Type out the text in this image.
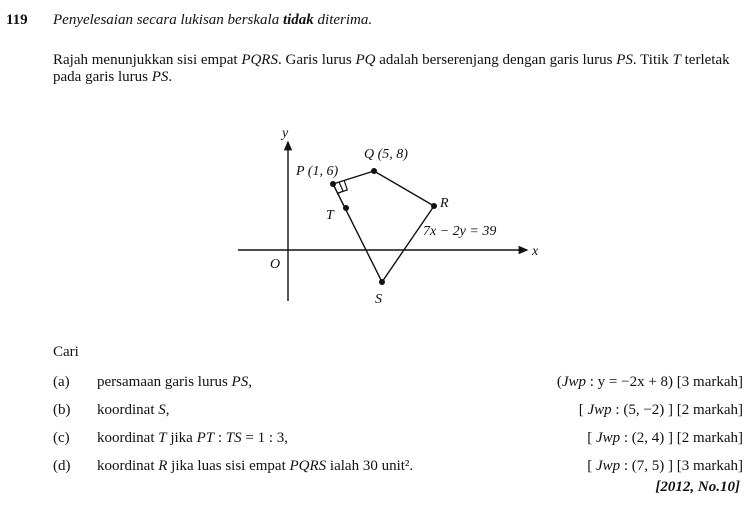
119 Penyelesaian secara lukisan berskala tidak diterima.
Rajah menunjukkan sisi empat PQRS. Garis lurus PQ adalah berserenjang dengan garis lurus PS. Titik T terletak pada garis lurus PS.
y
x
O
P (1, 6)
Q (5, 8)
R
T
S
7x − 2y = 39
Cari
(a) persamaan garis lurus PS,	(Jwp : y = −2x + 8) [3 markah]
(b) koordinat S,	[ Jwp : (5, −2) ] [2 markah]
(c) koordinat T jika PT : TS = 1 : 3,	[ Jwp : (2, 4) ] [2 markah]
(d) koordinat R jika luas sisi empat PQRS ialah 30 unit².	[ Jwp : (7, 5) ] [3 markah]
[2012, No.10]
